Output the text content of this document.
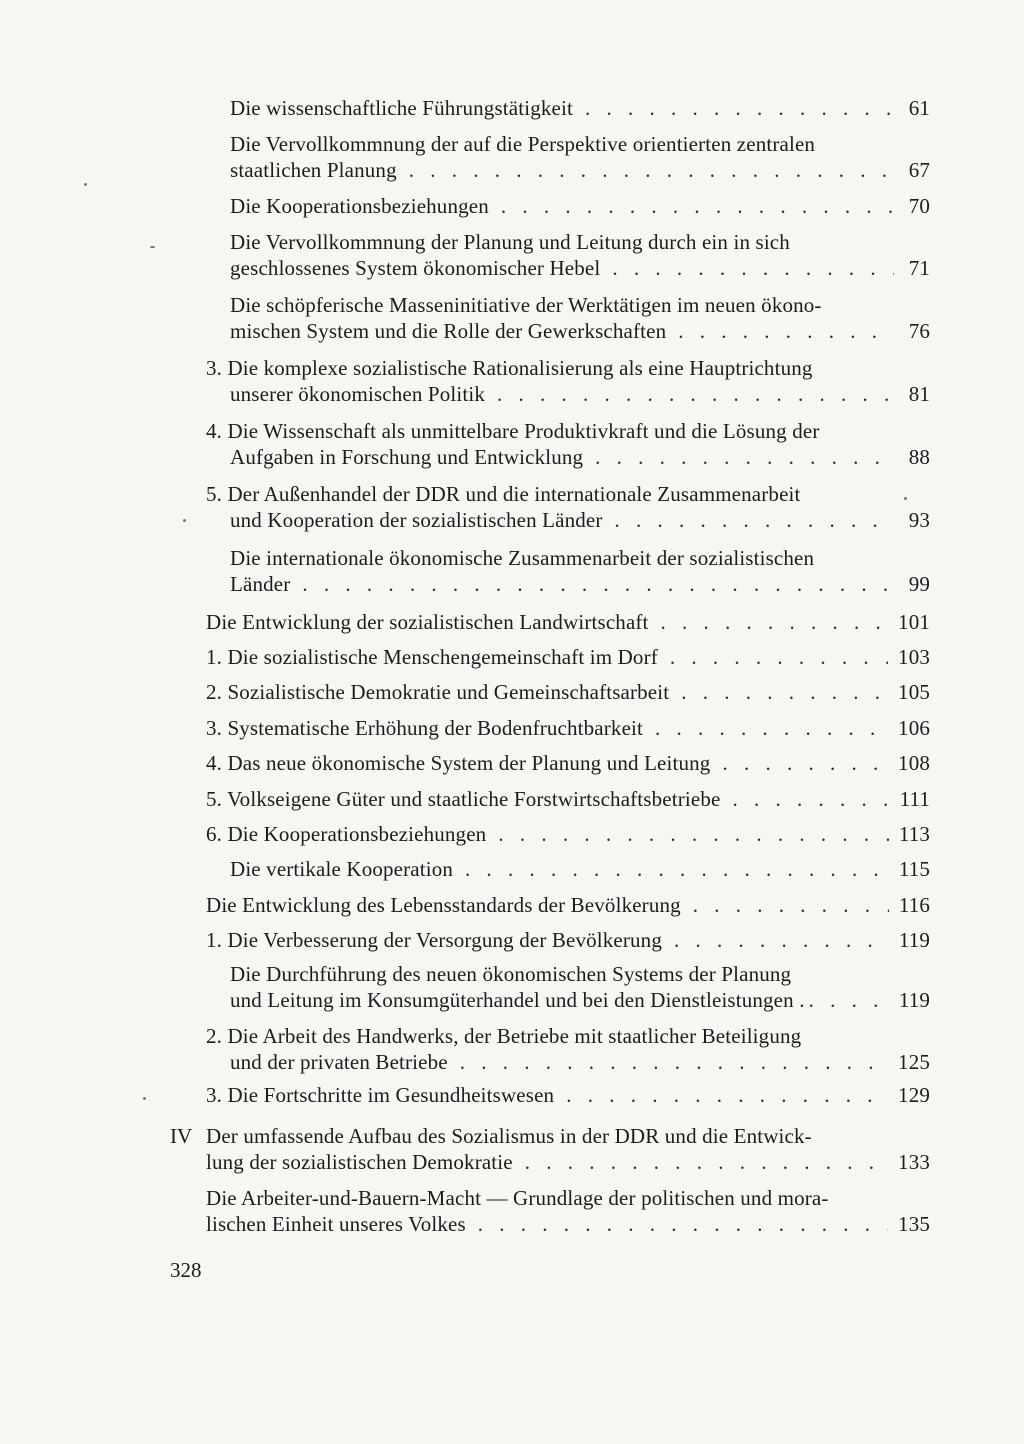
Die wissenschaftliche Führungstätigkeit . . .	61
Die Vervollkommnung der auf die Perspektive orientierten zentralen
staatlichen Planung . . .	67
Die Kooperationsbeziehungen . . .	70
Die Vervollkommnung der Planung und Leitung durch ein in sich
geschlossenes System ökonomischer Hebel . . .	71
Die schöpferische Masseninitiative der Werktätigen im neuen ökono-
mischen System und die Rolle der Gewerkschaften . . .	76
3. Die komplexe sozialistische Rationalisierung als eine Hauptrichtung
unserer ökonomischen Politik . . .	81
4. Die Wissenschaft als unmittelbare Produktivkraft und die Lösung der
Aufgaben in Forschung und Entwicklung . . .	88
5. Der Außenhandel der DDR und die internationale Zusammenarbeit
und Kooperation der sozialistischen Länder . . .	93
Die internationale ökonomische Zusammenarbeit der sozialistischen
Länder . . .	99
Die Entwicklung der sozialistischen Landwirtschaft . . .	101
1. Die sozialistische Menschengemeinschaft im Dorf . . .	103
2. Sozialistische Demokratie und Gemeinschaftsarbeit . . .	105
3. Systematische Erhöhung der Bodenfruchtbarkeit . . .	106
4. Das neue ökonomische System der Planung und Leitung . . .	108
5. Volkseigene Güter und staatliche Forstwirtschaftsbetriebe . . .	111
6. Die Kooperationsbeziehungen . . .	113
Die vertikale Kooperation . . .	115
Die Entwicklung des Lebensstandards der Bevölkerung . . .	116
1. Die Verbesserung der Versorgung der Bevölkerung . . .	119
Die Durchführung des neuen ökonomischen Systems der Planung
und Leitung im Konsumgüterhandel und bei den Dienstleistungen . . . .	119
2. Die Arbeit des Handwerks, der Betriebe mit staatlicher Beteiligung
und der privaten Betriebe . . .	125
3. Die Fortschritte im Gesundheitswesen . . .	129
IV Der umfassende Aufbau des Sozialismus in der DDR und die Entwick-
lung der sozialistischen Demokratie . . .	133
Die Arbeiter-und-Bauern-Macht — Grundlage der politischen und mora-
lischen Einheit unseres Volkes . . .	135
328
